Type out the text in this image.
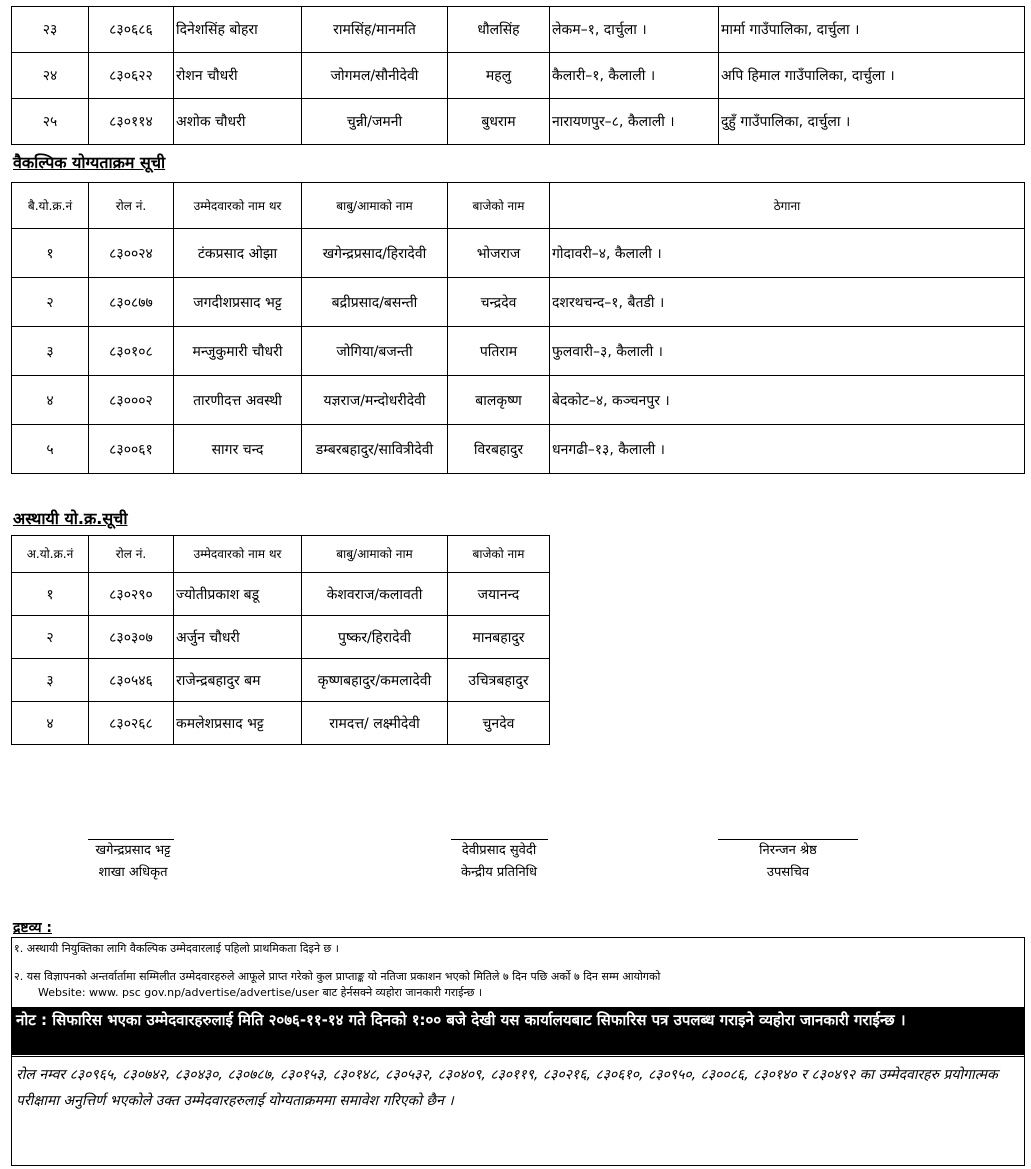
२३	८३०६८६	दिनेशसिंह बोहरा	रामसिंह/मानमति	धौलसिंह	लेकम–१, दार्चुला ।	मार्मा गाउँपालिका, दार्चुला ।
२४	८३०६२२	रोशन चौधरी	जोगमल/सौनीदेवी	महलु	कैलारी–१, कैलाली ।	अपि हिमाल गाउँपालिका, दार्चुला ।
२५	८३०११४	अशोक चौधरी	चुन्नी/जमनी	बुधराम	नारायणपुर–८, कैलाली ।	दुहुँ गाउँपालिका, दार्चुला ।
वैकल्पिक योग्यताक्रम सूची
बै.यो.क्र.नं	रोल नं.	उम्मेदवारको नाम थर	बाबु/आमाको नाम	बाजेको नाम	ठेगाना
१	८३००२४	टंकप्रसाद ओझा	खगेन्द्रप्रसाद/हिरादेवी	भोजराज	गोदावरी–४, कैलाली ।
२	८३०८७७	जगदीशप्रसाद भट्ट	बद्रीप्रसाद/बसन्ती	चन्द्रदेव	दशरथचन्द–१, बैतडी ।
३	८३०१०८	मन्जुकुमारी चौधरी	जोगिया/बजन्ती	पतिराम	फुलवारी–३, कैलाली ।
४	८३०००२	तारणीदत्त अवस्थी	यज्ञराज/मन्दोधरीदेवी	बालकृष्ण	बेदकोट–४, कञ्चनपुर ।
५	८३००६१	सागर चन्द	डम्बरबहादुर/सावित्रीदेवी	विरबहादुर	धनगढी–१३, कैलाली ।
अस्थायी यो.क्र.सूची
अ.यो.क्र.नं	रोल नं.	उम्मेदवारको नाम थर	बाबु/आमाको नाम	बाजेको नाम
१	८३०२९०	ज्योतीप्रकाश बडू	केशवराज/कलावती	जयानन्द
२	८३०३०७	अर्जुन चौधरी	पुष्कर/हिरादेवी	मानबहादुर
३	८३०५४६	राजेन्द्रबहादुर बम	कृष्णबहादुर/कमलादेवी	उचित्रबहादुर
४	८३०२६८	कमलेशप्रसाद भट्ट	रामदत्त/ लक्ष्मीदेवी	चुनदेव
खगेन्द्रप्रसाद भट्ट
शाखा अधिकृत
देवीप्रसाद सुवेदी
केन्द्रीय प्रतिनिधि
निरन्जन श्रेष्ठ
उपसचिव
द्रष्टव्य :
१. अस्थायी नियुक्तिका लागि वैकल्पिक उम्मेदवारलाई पहिलो प्राथमिकता दिइने छ ।
२. यस विज्ञापनको अन्तर्वार्तामा सम्मिलीत उम्मेदवारहरुले आफूले प्राप्त गरेको कुल प्राप्ताङ्क यो नतिजा प्रकाशन भएको मितिले ७ दिन पछि अर्को ७ दिन सम्म आयोगको
Website: www. psc gov.np/advertise/advertise/user बाट हेर्नसक्ने व्यहोरा जानकारी गराईन्छ ।
नोट : सिफारिस भएका उम्मेदवारहरुलाई मिति २०७६-११-१४ गते दिनको १:०० बजे देखी यस कार्यालयबाट सिफारिस पत्र उपलब्ध गराइने व्यहोरा जानकारी गराईन्छ ।
रोल नम्वर ८३०९६५, ८३०७४२, ८३०४३०, ८३०७८७, ८३०१५३, ८३०१४८, ८३०५३२, ८३०४०९, ८३०११९, ८३०२१६, ८३०६१०, ८३०९५०, ८३००८६, ८३०१४० र ८३०४९२ का उम्मेदवारहरु प्रयोगात्मक परीक्षामा अनुत्तिर्ण भएकोले उक्त उम्मेदवारहरुलाई योग्यताक्रममा समावेश गरिएको छैन ।
